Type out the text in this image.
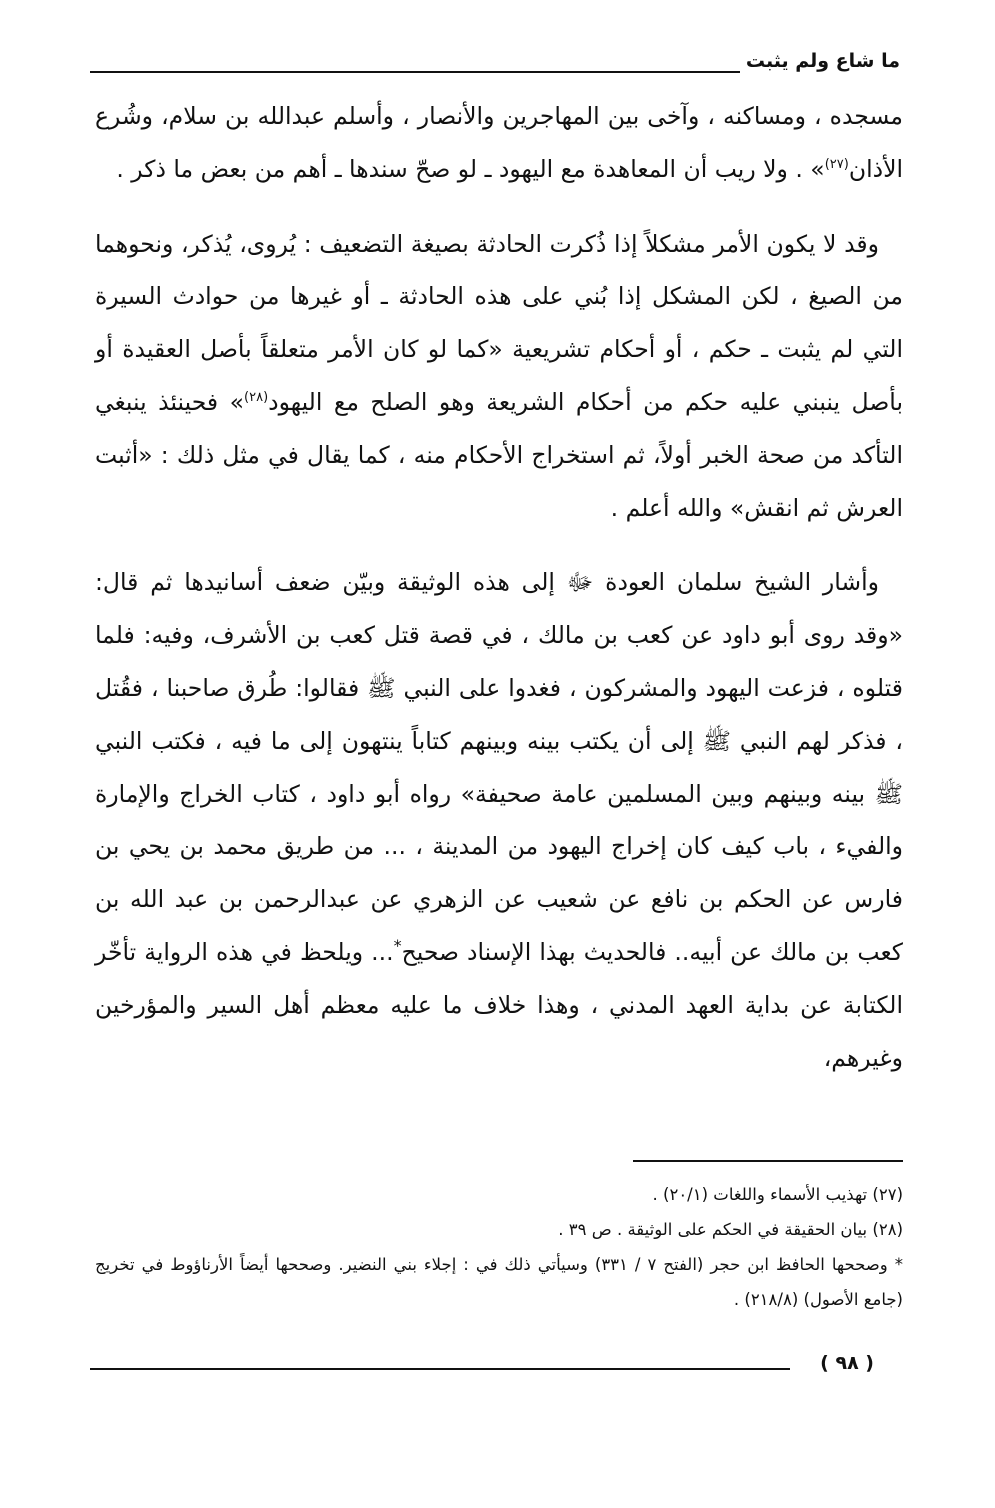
ما شاع ولم يثبت

مسجده ، ومساكنه ، وآخى بين المهاجرين والأنصار ، وأسلم عبدالله بن سلام، وشُرع الأذان$^{(٢٧)}$» . ولا ريب أن المعاهدة مع اليهود ـ لو صحّ سندها ـ أهم من بعض ما ذكر .

وقد لا يكون الأمر مشكلاً إذا ذُكرت الحادثة بصيغة التضعيف : يُروى، يُذكر، ونحوهما من الصيغ ، لكن المشكل إذا بُني على هذه الحادثة ـ أو غيرها من حوادث السيرة التي لم يثبت ـ حكم ، أو أحكام تشريعية «كما لو كان الأمر متعلقاً بأصل العقيدة أو بأصل ينبني عليه حكم من أحكام الشريعة وهو الصلح مع اليهود$^{(٢٨)}$» فحينئذ ينبغي التأكد من صحة الخبر أولاً، ثم استخراج الأحكام منه ، كما يقال في مثل ذلك : «أثبت العرش ثم انقش» والله أعلم .

وأشار الشيخ سلمان العودة ﷻ إلى هذه الوثيقة وبيّن ضعف أسانيدها ثم قال: «وقد روى أبو داود عن كعب بن مالك ، في قصة قتل كعب بن الأشرف، وفيه: فلما قتلوه ، فزعت اليهود والمشركون ، فغدوا على النبي ﷺ فقالوا: طُرق صاحبنا ، فقُتل ، فذكر لهم النبي ﷺ إلى أن يكتب بينه وبينهم كتاباً ينتهون إلى ما فيه ، فكتب النبي ﷺ بينه وبينهم وبين المسلمين عامة صحيفة» رواه أبو داود ، كتاب الخراج والإمارة والفيء ، باب كيف كان إخراج اليهود من المدينة ، ... من طريق محمد بن يحي بن فارس عن الحكم بن نافع عن شعيب عن الزهري عن عبدالرحمن بن عبد الله بن كعب بن مالك عن أبيه.. فالحديث بهذا الإسناد صحيح*... ويلحظ في هذه الرواية تأخّر الكتابة عن بداية العهد المدني ، وهذا خلاف ما عليه معظم أهل السير والمؤرخين وغيرهم،

(٢٧) تهذيب الأسماء واللغات (٢٠/١) .

(٢٨) بيان الحقيقة في الحكم على الوثيقة . ص ٣٩ .

* وصححها الحافظ ابن حجر (الفتح ٧ / ٣٣١) وسيأتي ذلك في : إجلاء بني النضير. وصححها أيضاً الأرناؤوط في تخريج (جامع الأصول) (٢١٨/٨) .

( ٩٨ )
